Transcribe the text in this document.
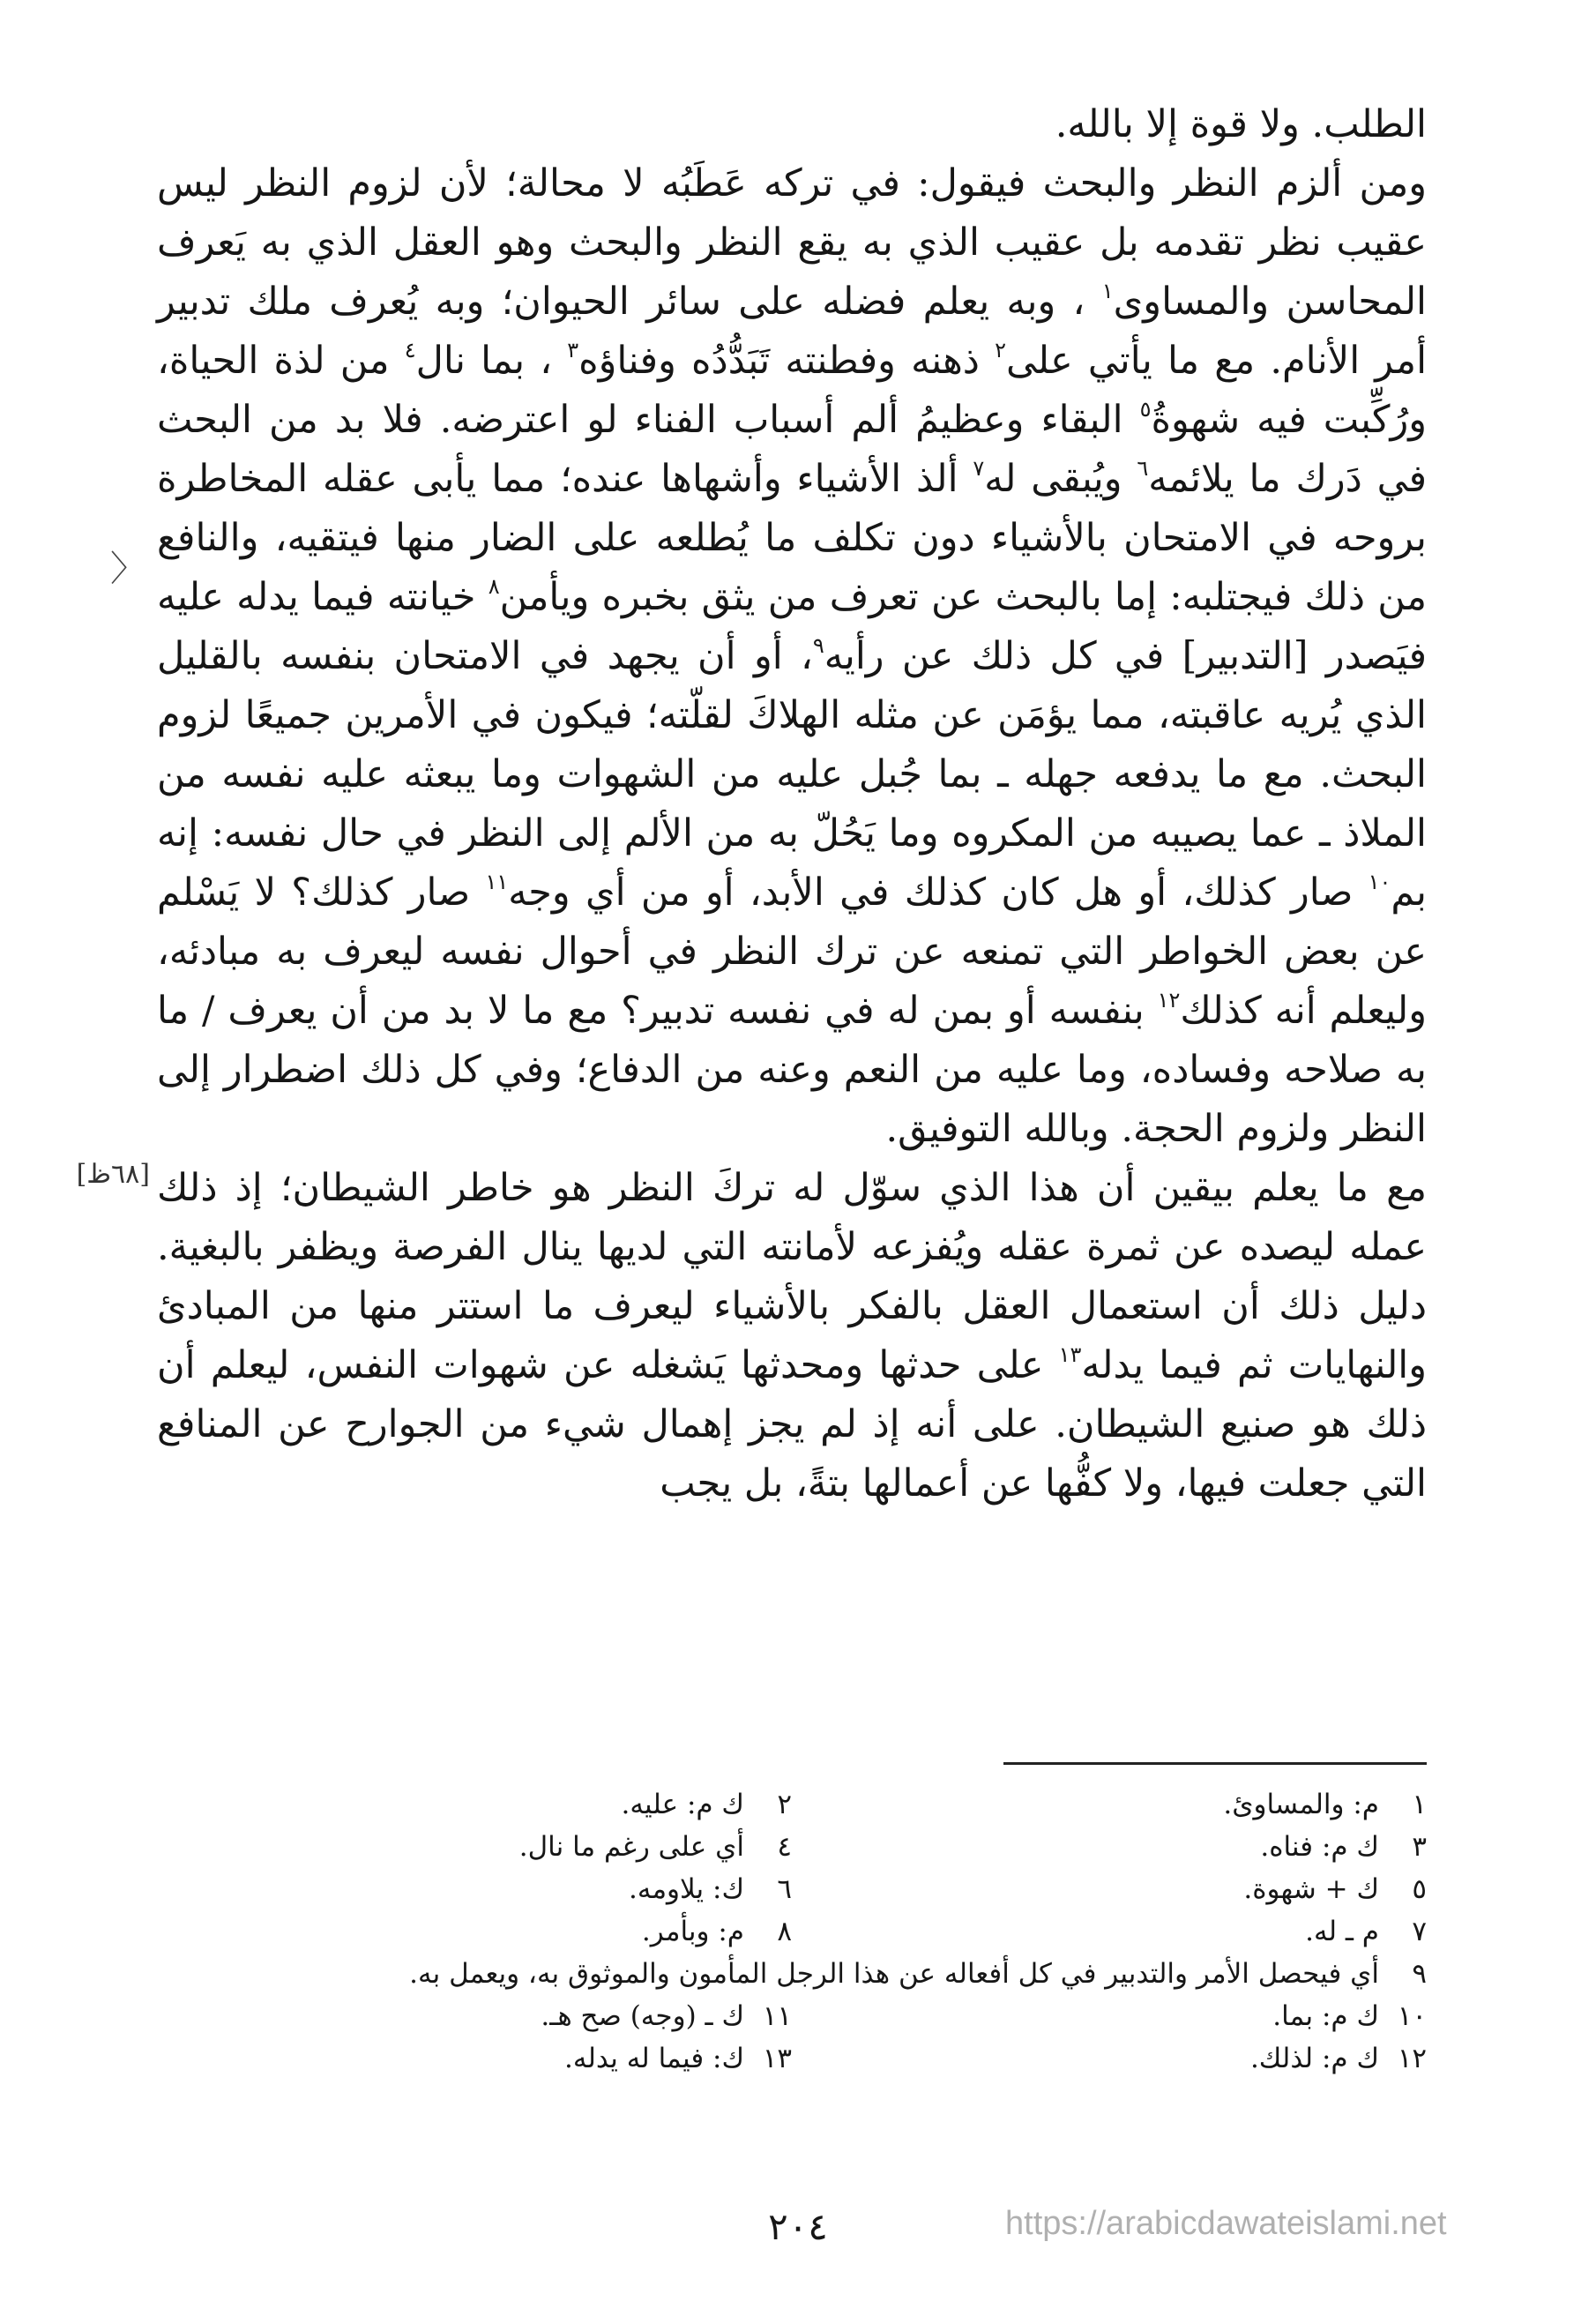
الطلب. ولا قوة إلا بالله.

ومن ألزم النظر والبحث فيقول: في تركه عَطَبُه لا محالة؛ لأن لزوم النظر ليس عقيب نظر تقدمه بل عقيب الذي به يقع النظر والبحث وهو العقل الذي به يَعرف المحاسن والمساوى$^١$ ، وبه يعلم فضله على سائر الحيوان؛ وبه يُعرف ملك تدبير أمر الأنام. مع ما يأتي على$^٢$ ذهنه وفطنته تَبَدُّدُه وفناؤه$^٣$ ، بما نال$^٤$ من لذة الحياة، ورُكِّبت فيه شهوةُ$^٥$ البقاء وعظيمُ ألم أسباب الفناء لو اعترضه. فلا بد من البحث في دَرك ما يلائمه$^٦$ ويُبقى له$^٧$ ألذ الأشياء وأشهاها عنده؛ مما يأبى عقله المخاطرة بروحه في الامتحان بالأشياء دون تكلف ما يُطلعه على الضار منها فيتقيه، والنافع من ذلك فيجتلبه: إما بالبحث عن تعرف من يثق بخبره ويأمن$^٨$ خيانته فيما يدله عليه فيَصدر [التدبير] في كل ذلك عن رأيه$^٩$، أو أن يجهد في الامتحان بنفسه بالقليل الذي يُريه عاقبته، مما يؤمَن عن مثله الهلاكَ لقلّته؛ فيكون في الأمرين جميعًا لزوم البحث. مع ما يدفعه جهله ـ بما جُبل عليه من الشهوات وما يبعثه عليه نفسه من الملاذ ـ عما يصيبه من المكروه وما يَحُلّ به من الألم إلى النظر في حال نفسه: إنه بم$^{١٠}$ صار كذلك، أو هل كان كذلك في الأبد، أو من أي وجه$^{١١}$ صار كذلك؟ لا يَسْلم عن بعض الخواطر التي تمنعه عن ترك النظر في أحوال نفسه ليعرف به مبادئه، وليعلم أنه كذلك$^{١٢}$ بنفسه أو بمن له في نفسه تدبير؟ مع ما لا بد من أن يعرف / ما به صلاحه وفساده، وما عليه من النعم وعنه من الدفاع؛ وفي كل ذلك اضطرار إلى النظر ولزوم الحجة. وبالله التوفيق.

مع ما يعلم بيقين أن هذا الذي سوّل له تركَ النظر هو خاطر الشيطان؛ إذ ذلك عمله ليصده عن ثمرة عقله ويُفزعه لأمانته التي لديها ينال الفرصة ويظفر بالبغية. دليل ذلك أن استعمال العقل بالفكر بالأشياء ليعرف ما استتر منها من المبادئ والنهايات ثم فيما يدله$^{١٣}$ على حدثها ومحدثها يَشغله عن شهوات النفس، ليعلم أن ذلك هو صنيع الشيطان. على أنه إذ لم يجز إهمال شيء من الجوارح عن المنافع التي جعلت فيها، ولا كفُّها عن أعمالها بتةً، بل يجب

〉
[٦٨ظ]
١
م: والمساوئ.
٢
ك م: عليه.
٣
ك م: فناه.
٤
أي على رغم ما نال.
٥
ك + شهوة.
٦
ك: يلاومه.
٧
م ـ له.
٨
م: وبأمر.
٩
أي فيحصل الأمر والتدبير في كل أفعاله عن هذا الرجل المأمون والموثوق به، ويعمل به.
١٠
ك م: بما.
١١
ك ـ (وجه) صح هـ.
١٢
ك م: لذلك.
١٣
ك: فيما له يدله.
٢٠٤	https://arabicdawateislami.net
